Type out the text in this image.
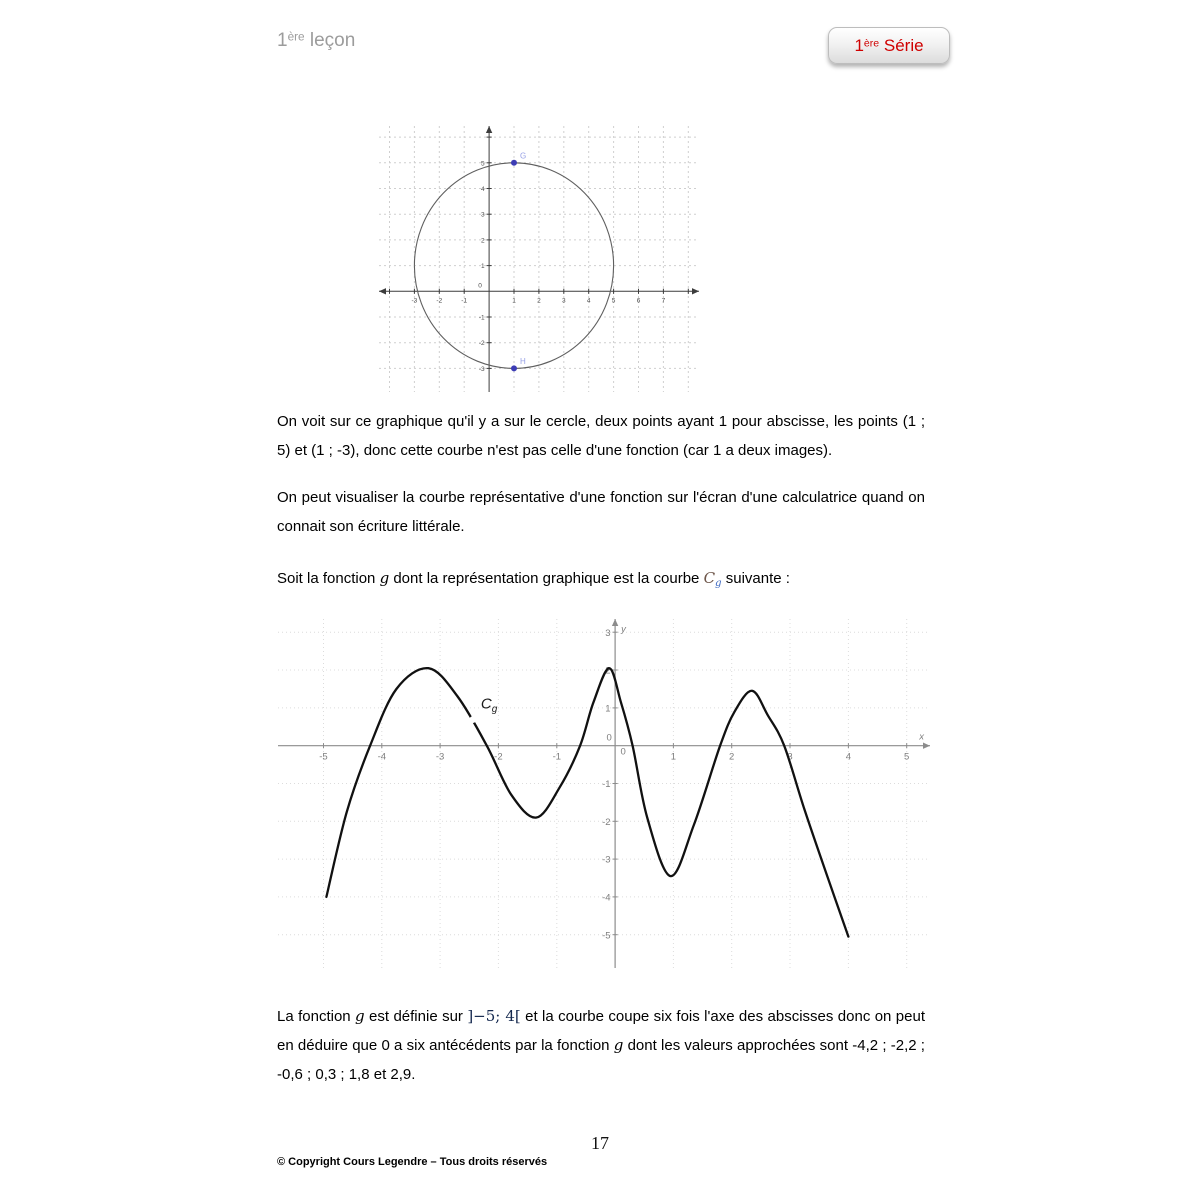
1ère leçon	1ère Série
-3	-2	-1	1	2	3	4	5	6	7
-3
-2
-1
1
2
3
4
5
0
G
H
On voit sur ce graphique qu'il y a sur le cercle, deux points ayant 1 pour abscisse, les points (1 ; 5) et (1 ; -3), donc cette courbe n'est pas celle d'une fonction (car 1 a deux images).
On peut visualiser la courbe représentative d'une fonction sur l'écran d'une calculatrice quand on connait son écriture littérale.
Soit la fonction g dont la représentation graphique est la courbe Cg suivante :
-5	-4	-3	-2	-1	1	2	3	4	5
-5
-4
-3
-2
-1
1
2
3
0
0
x
y
$C_g$
La fonction g est définie sur ]−5; 4[ et la courbe coupe six fois l'axe des abscisses donc on peut en déduire que 0 a six antécédents par la fonction g dont les valeurs approchées sont -4,2 ; -2,2 ; -0,6 ; 0,3 ; 1,8 et 2,9.
17
© Copyright Cours Legendre – Tous droits réservés
